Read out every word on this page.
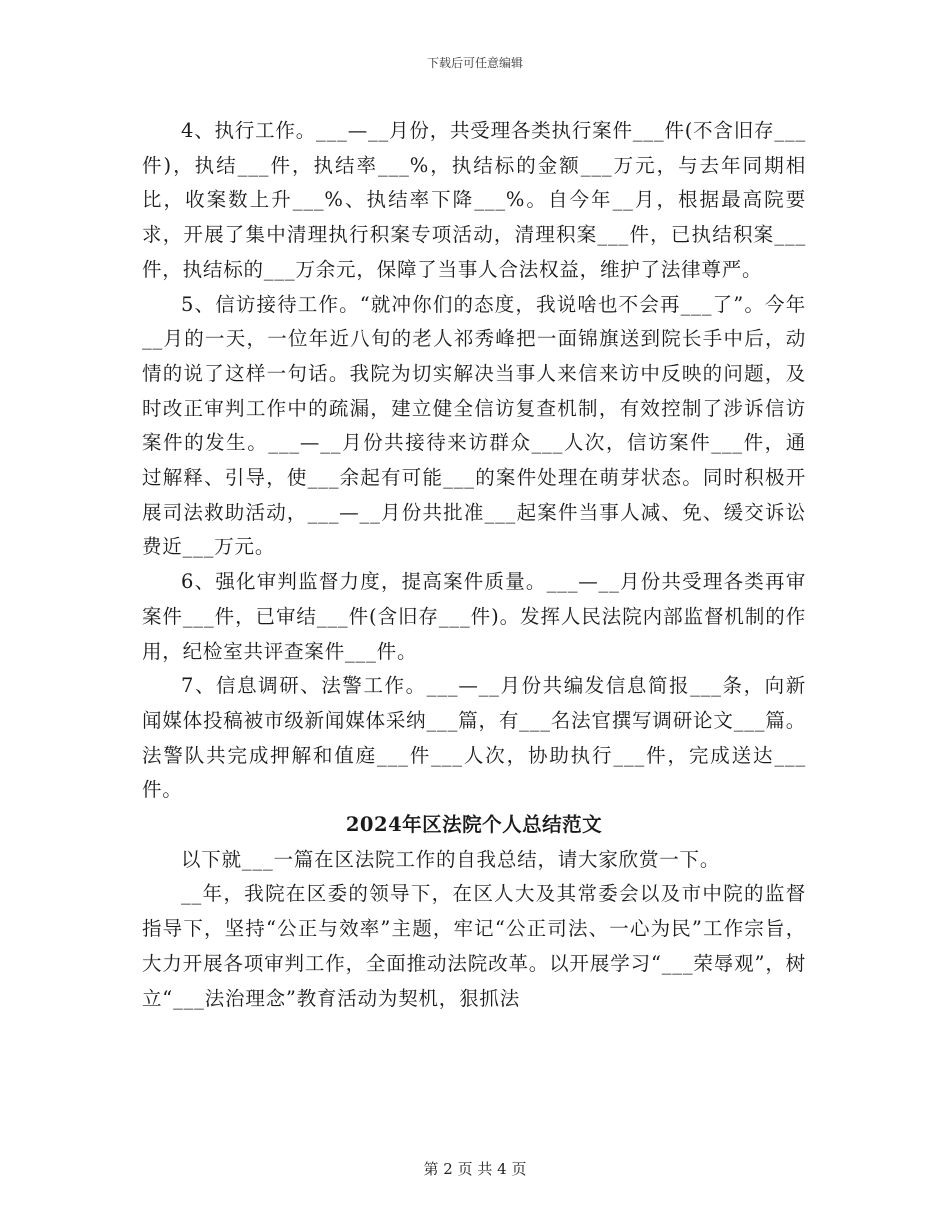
下载后可任意编辑

4、执行工作。___—__月份，共受理各类执行案件___件(不含旧存___件)，执结___件，执结率___%，执结标的金额___万元，与去年同期相比，收案数上升___%、执结率下降___%。自今年__月，根据最高院要求，开展了集中清理执行积案专项活动，清理积案___件，已执结积案___件，执结标的___万余元，保障了当事人合法权益，维护了法律尊严。

5、信访接待工作。“就冲你们的态度，我说啥也不会再___了”。今年__月的一天，一位年近八旬的老人祁秀峰把一面锦旗送到院长手中后，动情的说了这样一句话。我院为切实解决当事人来信来访中反映的问题，及时改正审判工作中的疏漏，建立健全信访复查机制，有效控制了涉诉信访案件的发生。___—__月份共接待来访群众___人次，信访案件___件，通过解释、引导，使___余起有可能___的案件处理在萌芽状态。同时积极开展司法救助活动，___—__月份共批准___起案件当事人减、免、缓交诉讼费近___万元。

6、强化审判监督力度，提高案件质量。___—__月份共受理各类再审案件___件，已审结___件(含旧存___件)。发挥人民法院内部监督机制的作用，纪检室共评查案件___件。

7、信息调研、法警工作。___—__月份共编发信息简报___条，向新闻媒体投稿被市级新闻媒体采纳___篇，有___名法官撰写调研论文___篇。法警队共完成押解和值庭___件___人次，协助执行___件，完成送达___件。

2024年区法院个人总结范文

以下就___一篇在区法院工作的自我总结，请大家欣赏一下。

__年，我院在区委的领导下，在区人大及其常委会以及市中院的监督指导下，坚持“公正与效率”主题，牢记“公正司法、一心为民”工作宗旨，大力开展各项审判工作，全面推动法院改革。以开展学习“___荣辱观”，树立“___法治理念”教育活动为契机，狠抓法

第 2 页 共 4 页
